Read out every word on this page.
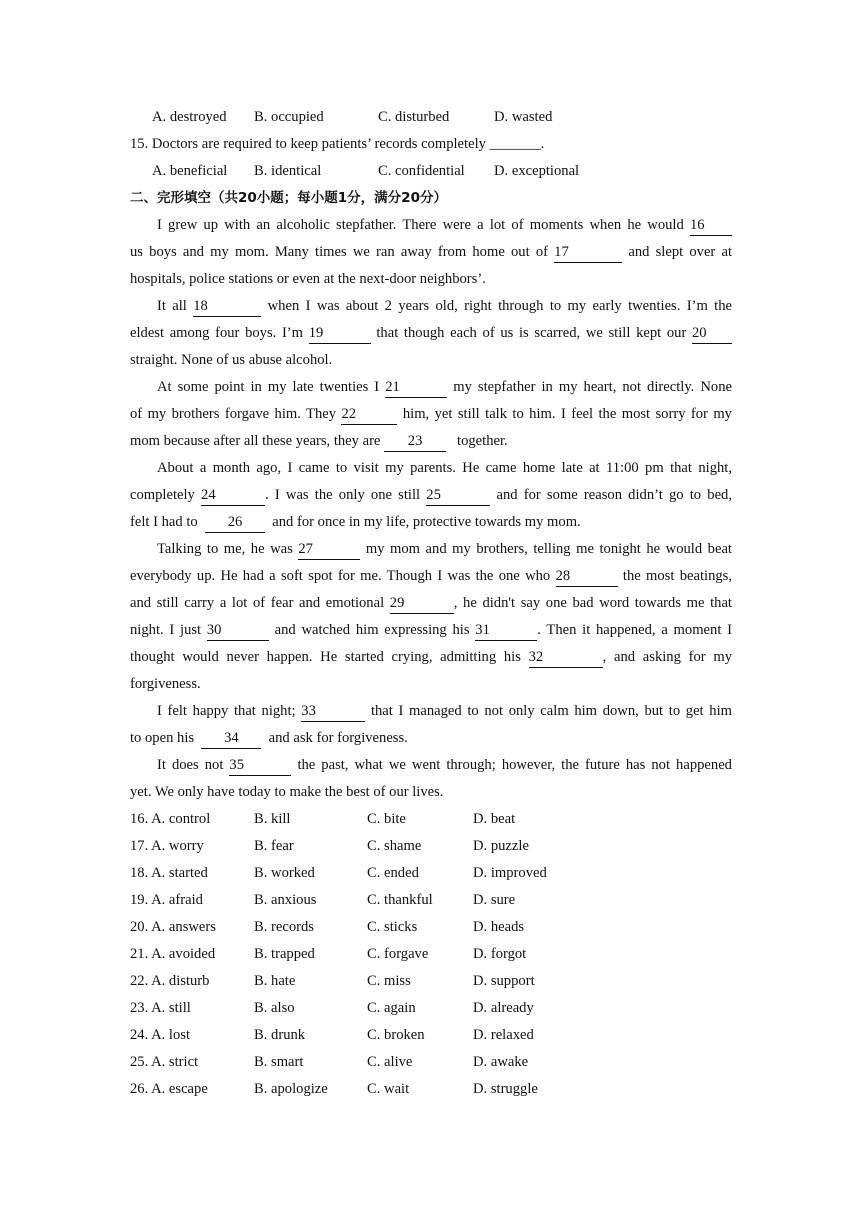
A. destroyed B. occupied	C. disturbed	D. wasted
15. Doctors are required to keep patients’ records completely _______.
A. beneficial B. identical	C. confidential D. exceptional
二、完形填空（共20小题；每小题1分，满分20分）
I grew up with an alcoholic stepfather. There were a lot of moments when he would 16
us boys and my mom. Many times we ran away from home out of 17	and slept over at
hospitals, police stations or even at the next-door neighbors’.
It all 18	when I was about 2 years old, right through to my early twenties. I’m the
eldest among four boys. I’m 19	that though each of us is scarred, we still kept our 20
straight. None of us abuse alcohol.
At some point in my late twenties I 21	my stepfather in my heart, not directly. None
of my brothers forgave him. They 22	him, yet still talk to him. I feel the most sorry for my
mom because after all these years, they are 23 together.
About a month ago, I came to visit my parents. He came home late at 11:00 pm that night,
completely 24	. I was the only one still 25	and for some reason didn’t go to bed,
felt I had to 26 and for once in my life, protective towards my mom.
Talking to me, he was 27	my mom and my brothers, telling me tonight he would beat
everybody up. He had a soft spot for me. Though I was the one who 28	the most beatings,
and still carry a lot of fear and emotional 29	, he didn't say one bad word towards me that
night. I just 30	and watched him expressing his 31	. Then it happened, a moment I
thought would never happen. He started crying, admitting his 32	, and asking for my
forgiveness.
I felt happy that night; 33	that I managed to not only calm him down, but to get him
to open his 34 and ask for forgiveness.
It does not 35	the past, what we went through; however, the future has not happened
yet. We only have today to make the best of our lives.
16. A. control	B. kill	C. bite	D. beat
17. A. worry	B. fear	C. shame	D. puzzle
18. A. started	B. worked	C. ended	D. improved
19. A. afraid	B. anxious	C. thankful	D. sure
20. A. answers	B. records	C. sticks	D. heads
21. A. avoided	B. trapped	C. forgave	D. forgot
22. A. disturb	B. hate	C. miss	D. support
23. A. still	B. also	C. again	D. already
24. A. lost	B. drunk	C. broken	D. relaxed
25. A. strict	B. smart	C. alive	D. awake
26. A. escape	B. apologize	C. wait	D. struggle
